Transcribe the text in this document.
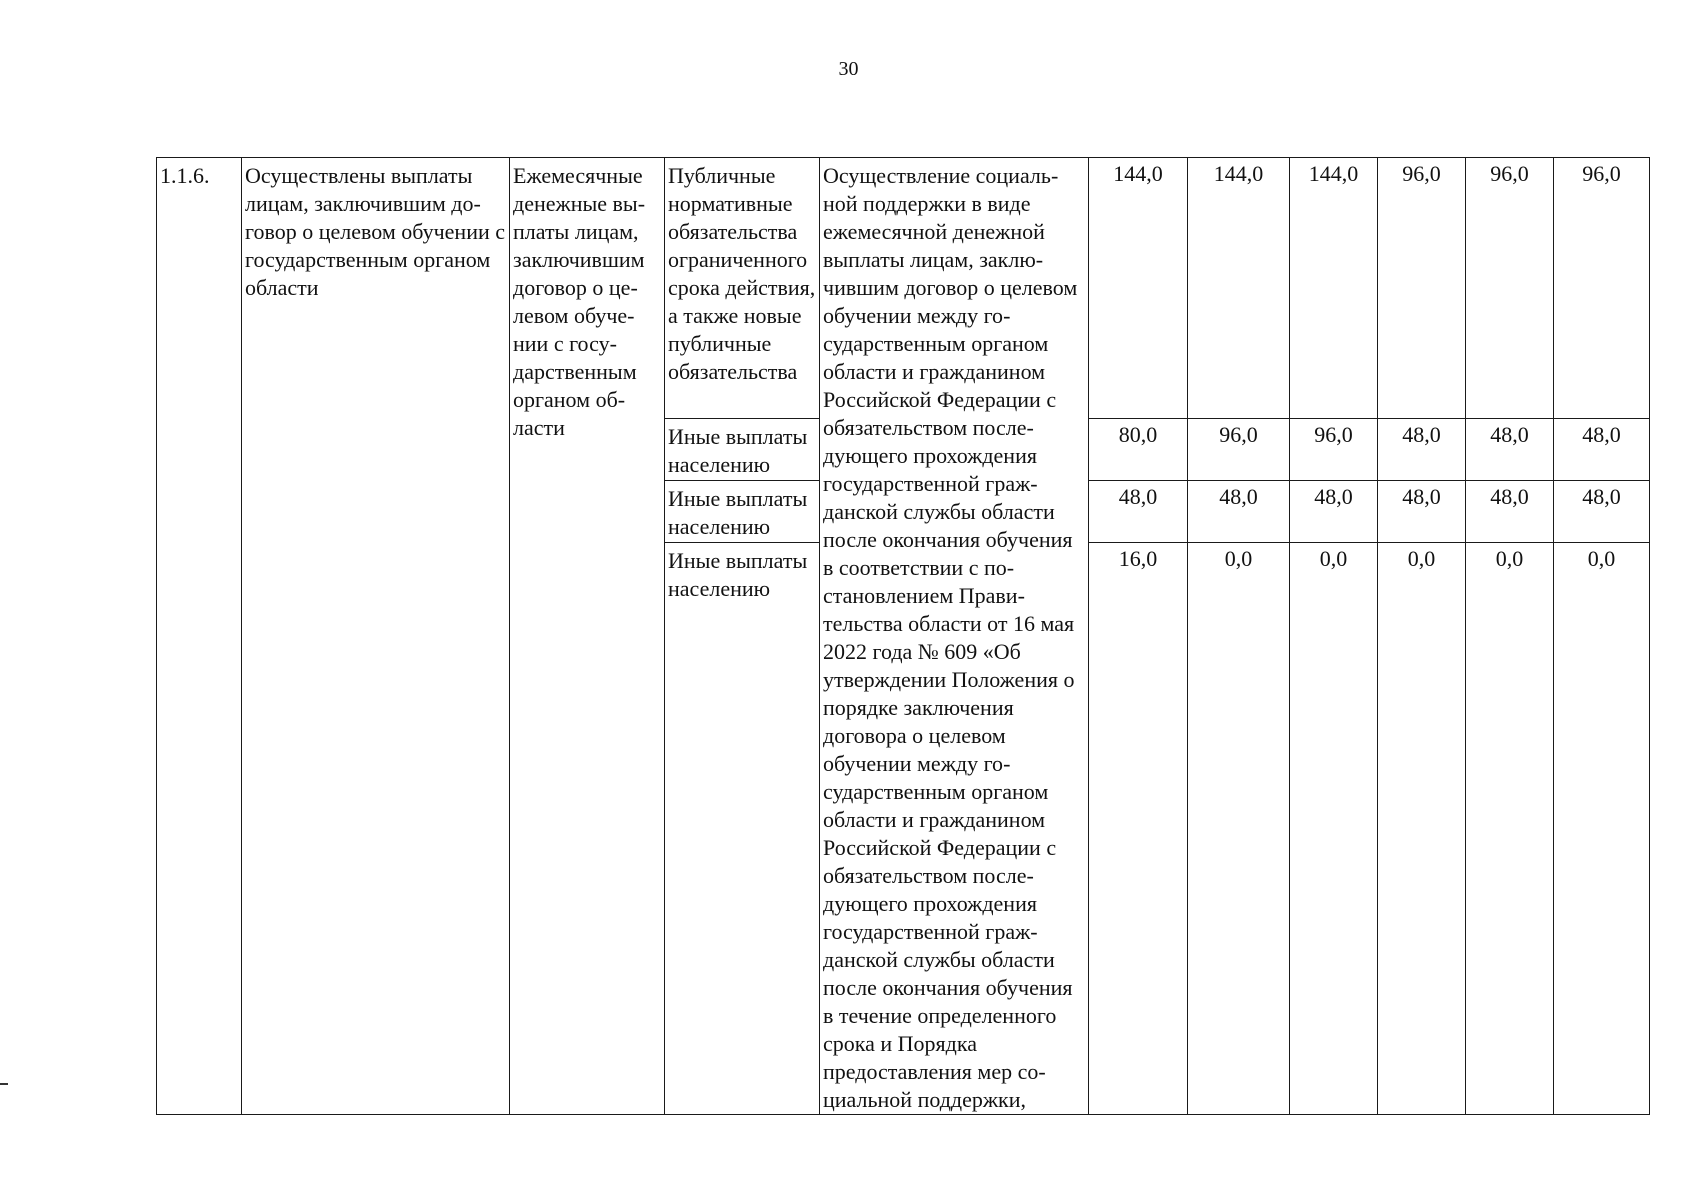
30
1.1.6.	Осуществлены выплаты лицам, заключившим договор о целевом обучении с государственным органом области	Ежемесячные денежные выплаты лицам, заключившим договор о целевом обучении с государственным органом области	Публичные нормативные обязательства ограниченного срока действия, а также новые публичные обязательства	Осуществление социальной поддержки в виде ежемесячной денежной выплаты лицам, заключившим договор о целевом обучении между государственным органом области и гражданином Российской Федерации с обязательством последующего прохождения государственной гражданской службы области после окончания обучения в соответствии с постановлением Правительства области от 16 мая 2022 года № 609 «Об утверждении Положения о порядке заключения договора о целевом обучении между государственным органом области и гражданином Российской Федерации с обязательством последующего прохождения государственной гражданской службы области после окончания обучения в течение определенного срока и Порядка предоставления мер социальной поддержки,	144,0	144,0	144,0	96,0	96,0	96,0
			Иные выплаты населению		80,0	96,0	96,0	48,0	48,0	48,0
			Иные выплаты населению		48,0	48,0	48,0	48,0	48,0	48,0
			Иные выплаты населению		16,0	0,0	0,0	0,0	0,0	0,0
